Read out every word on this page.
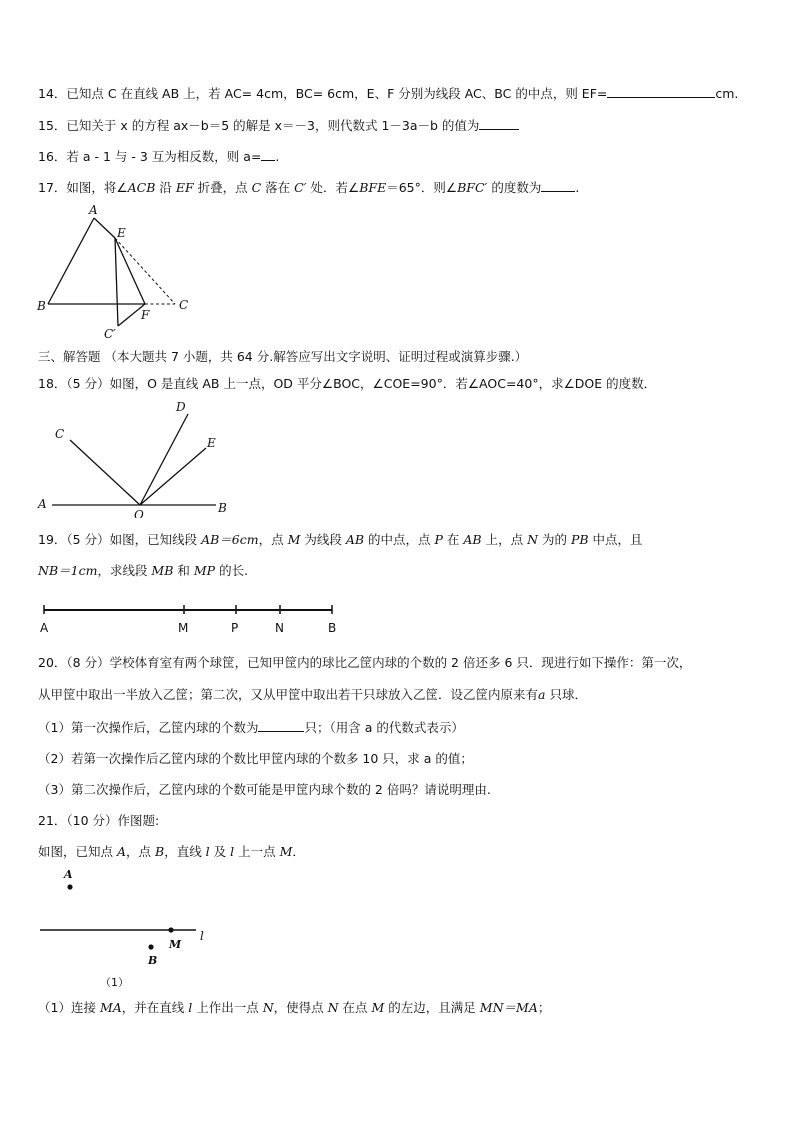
14．已知点 C 在直线 AB 上，若 AC= 4cm，BC= 6cm，E、F 分别为线段 AC、BC 的中点，则 EF=	cm.
15．已知关于 x 的方程 ax－b＝5 的解是 x＝－3，则代数式 1－3a－b 的值为
16．若 a - 1 与 - 3 互为相反数，则 a= .
17．如图，将∠ACB 沿 EF 折叠，点 C 落在 C′ 处．若∠BFE＝65°．则∠BFC′ 的度数为	.
A
E
B
F
C
C′
三、解答题 （本大题共 7 小题，共 64 分.解答应写出文字说明、证明过程或演算步骤.）
18．（5 分）如图，O 是直线 AB 上一点，OD 平分∠BOC，∠COE=90°．若∠AOC=40°，求∠DOE 的度数．
C
D
E
A
O	B
19．（5 分）如图，已知线段 AB＝6cm，点 M 为线段 AB 的中点，点 P 在 AB 上，点 N 为的 PB 中点，且
NB＝1cm，求线段 MB 和 MP 的长.
A	M	P	N	B
20．（8 分）学校体育室有两个球筐，已知甲筐内的球比乙筐内球的个数的 2 倍还多 6 只．现进行如下操作：第一次，
从甲筐中取出一半放入乙筐；第二次，又从甲筐中取出若干只球放入乙筐．设乙筐内原来有a 只球．
（1）第一次操作后，乙筐内球的个数为	只；（用含 a 的代数式表示）
（2）若第一次操作后乙筐内球的个数比甲筐内球的个数多 10 只，求 a 的值；
（3）第二次操作后，乙筐内球的个数可能是甲筐内球个数的 2 倍吗？请说明理由.
21．（10 分）作图题:
如图，已知点 A，点 B，直线 l 及 l 上一点 M．
A
M
l
B
（1）
（1）连接 MA，并在直线 l 上作出一点 N，使得点 N 在点 M 的左边，且满足 MN＝MA；
